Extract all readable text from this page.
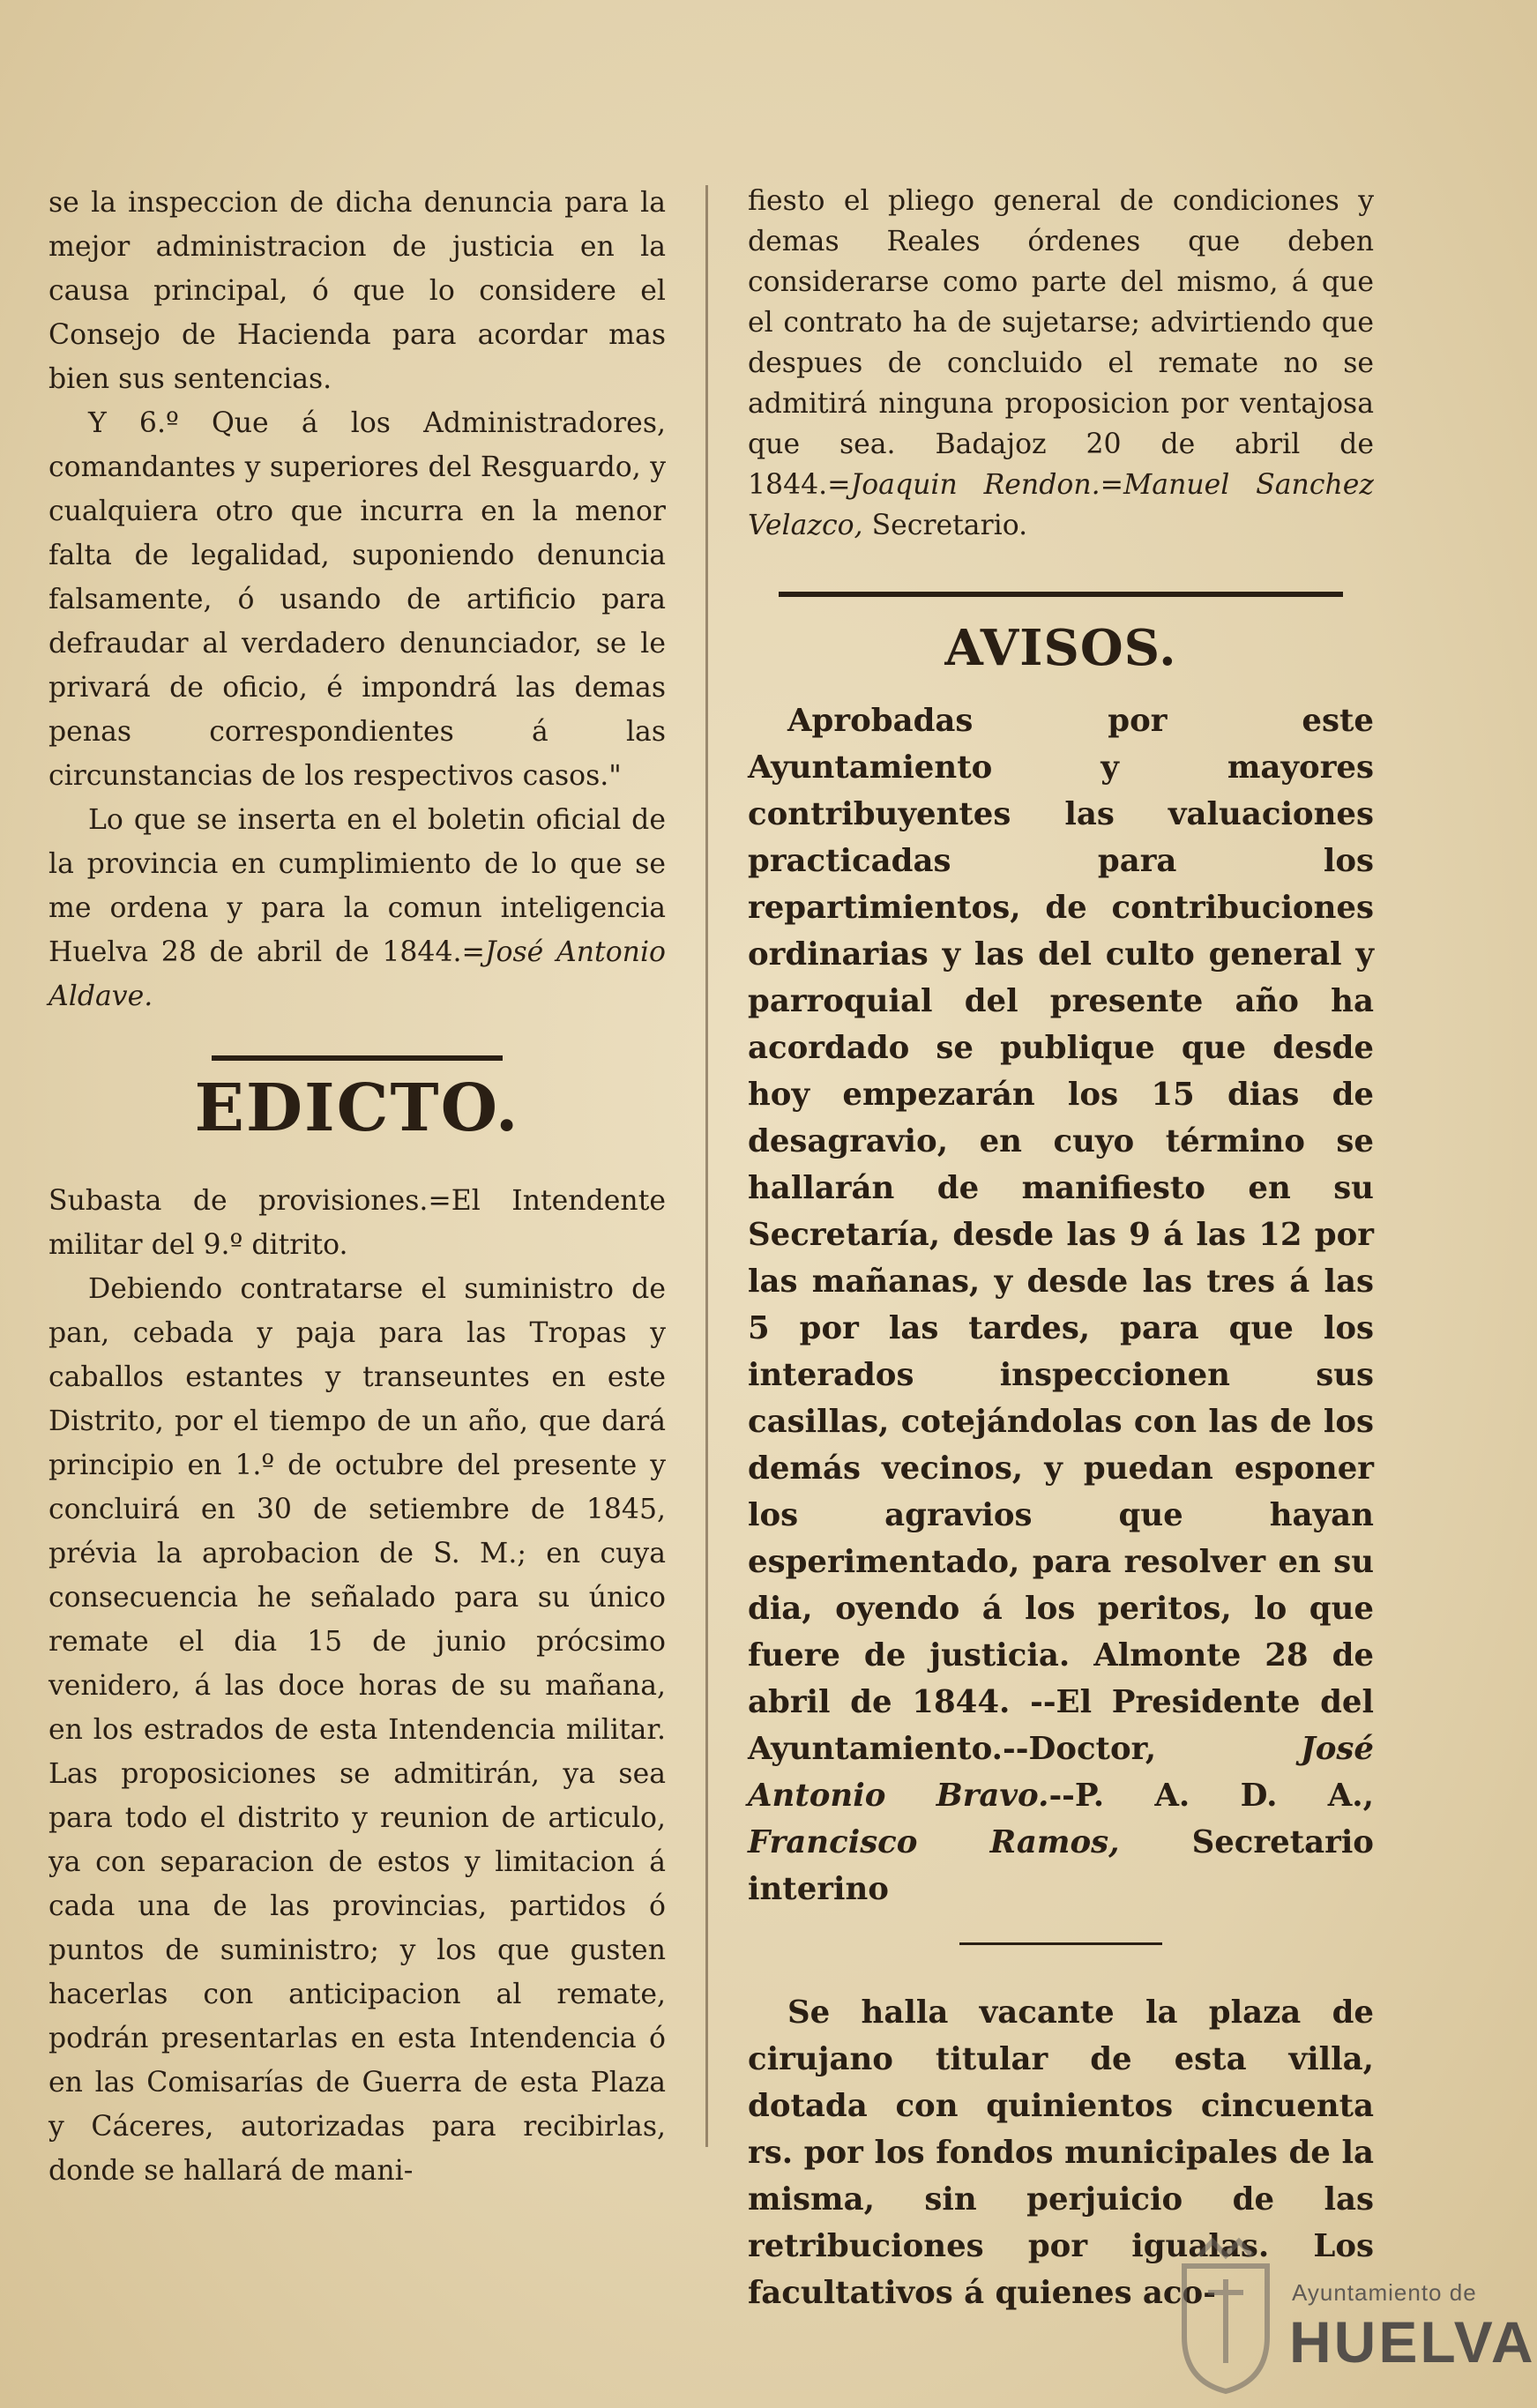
se la inspeccion de dicha denuncia para la mejor administracion de justicia en la causa principal, ó que lo considere el Consejo de Hacienda para acordar mas bien sus sentencias.

Y 6.º Que á los Administradores, comandantes y superiores del Resguardo, y cualquiera otro que incurra en la menor falta de legalidad, suponiendo denuncia falsamente, ó usando de artificio para defraudar al verdadero denunciador, se le privará de oficio, é impondrá las demas penas correspondientes á las circunstancias de los respectivos casos."

Lo que se inserta en el boletin oficial de la provincia en cumplimiento de lo que se me ordena y para la comun inteligencia Huelva 28 de abril de 1844.=José Antonio Aldave.

EDICTO.

Subasta de provisiones.=El Intendente militar del 9.º ditrito.

Debiendo contratarse el suministro de pan, cebada y paja para las Tropas y caballos estantes y transeuntes en este Distrito, por el tiempo de un año, que dará principio en 1.º de octubre del presente y concluirá en 30 de setiembre de 1845, prévia la aprobacion de S. M.; en cuya consecuencia he señalado para su único remate el dia 15 de junio prócsimo venidero, á las doce horas de su mañana, en los estrados de esta Intendencia militar. Las proposiciones se admitirán, ya sea para todo el distrito y reunion de articulo, ya con separacion de estos y limitacion á cada una de las provincias, partidos ó puntos de suministro; y los que gusten hacerlas con anticipacion al remate, podrán presentarlas en esta Intendencia ó en las Comisarías de Guerra de esta Plaza y Cáceres, autorizadas para recibirlas, donde se hallará de mani-

fiesto el pliego general de condiciones y demas Reales órdenes que deben considerarse como parte del mismo, á que el contrato ha de sujetarse; advirtiendo que despues de concluido el remate no se admitirá ninguna proposicion por ventajosa que sea. Badajoz 20 de abril de 1844.=Joaquin Rendon.=Manuel Sanchez Velazco, Secretario.

AVISOS.

Aprobadas por este Ayuntamiento y mayores contribuyentes las valuaciones practicadas para los repartimientos, de contribuciones ordinarias y las del culto general y parroquial del presente año ha acordado se publique que desde hoy empezarán los 15 dias de desagravio, en cuyo término se hallarán de manifiesto en su Secretaría, desde las 9 á las 12 por las mañanas, y desde las tres á las 5 por las tardes, para que los interados inspeccionen sus casillas, cotejándolas con las de los demás vecinos, y puedan esponer los agravios que hayan esperimentado, para resolver en su dia, oyendo á los peritos, lo que fuere de justicia. Almonte 28 de abril de 1844. --El Presidente del Ayuntamiento.--Doctor, José Antonio Bravo.--P. A. D. A., Francisco Ramos, Secretario interino

Se halla vacante la plaza de cirujano titular de esta villa, dotada con quinientos cincuenta rs. por los fondos municipales de la misma, sin perjuicio de las retribuciones por igualas. Los facultativos á quienes aco-	Ayuntamiento de
HUELVA
